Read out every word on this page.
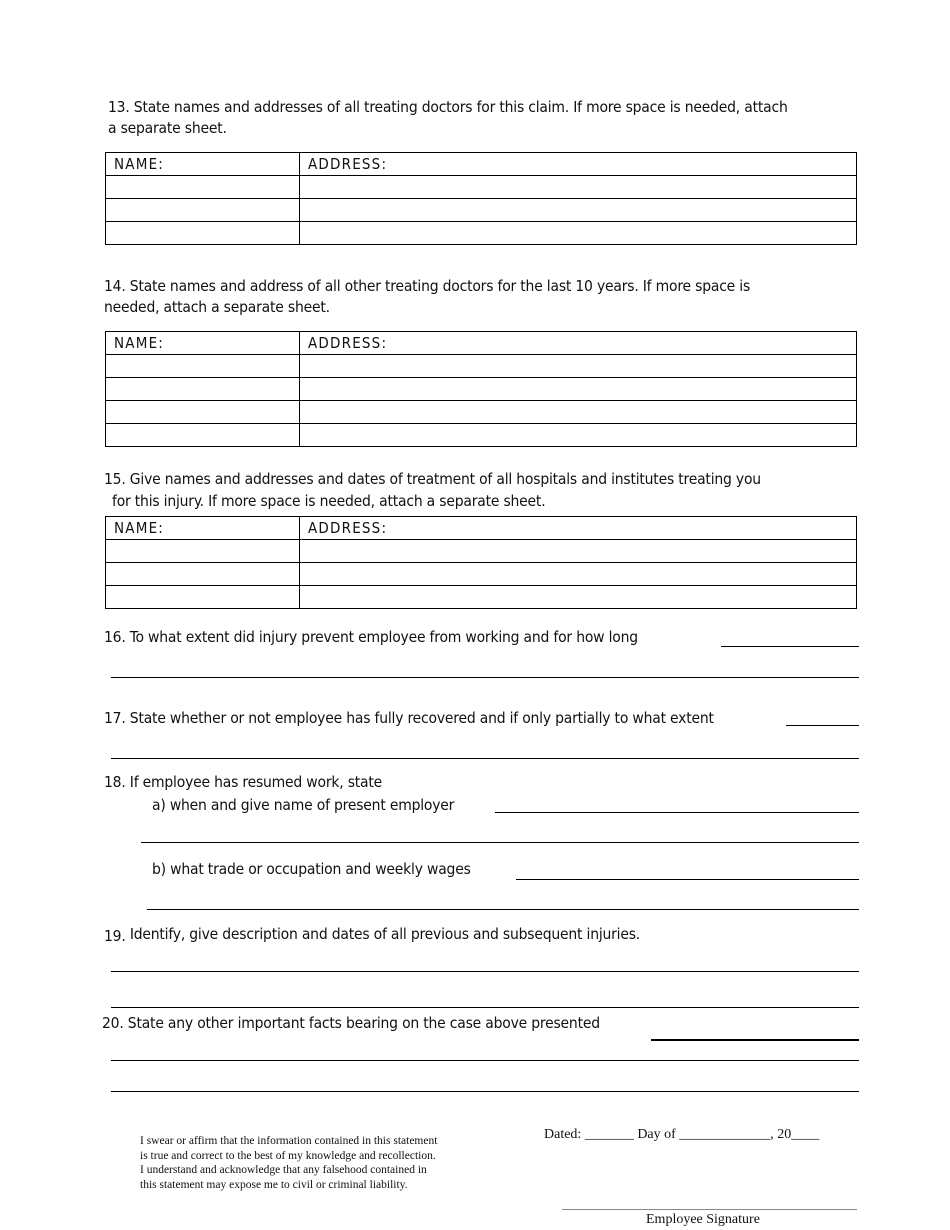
13. State names and addresses of all treating doctors for this claim. If more space is needed, attach
a separate sheet.
NAME:	ADDRESS:

14. State names and address of all other treating doctors for the last 10 years. If more space is
needed, attach a separate sheet.
NAME:	ADDRESS:

15. Give names and addresses and dates of treatment of all hospitals and institutes treating you
for this injury. If more space is needed, attach a separate sheet.
NAME:	ADDRESS:

16. To what extent did injury prevent employee from working and for how long
17. State whether or not employee has fully recovered and if only partially to what extent
18. If employee has resumed work, state
a) when and give name of present employer
b) what trade or occupation and weekly wages
19. Identify, give description and dates of all previous and subsequent injuries.
20. State any other important facts bearing on the case above presented
I swear or affirm that the information contained in this statement
is true and correct to the best of my knowledge and recollection.
I understand and acknowledge that any falsehood contained in
this statement may expose me to civil or criminal liability.
Dated: _______ Day of _____________, 20____
Employee Signature
